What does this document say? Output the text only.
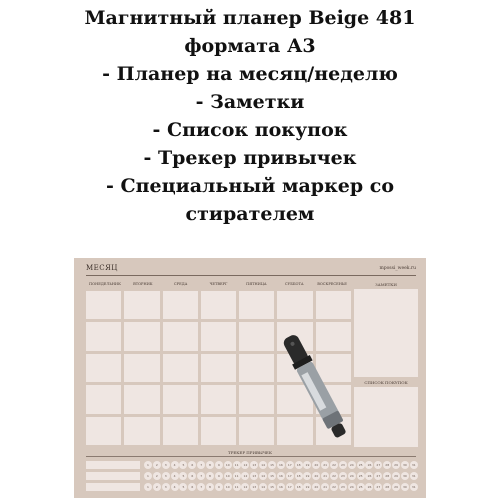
Магнитный планер Beige 481
формата А3
- Планер на месяц/неделю
- Заметки
- Список покупок
- Трекер привычек
- Специальный маркер со
стирателем
МЕСЯЦ	mpossi_week.ru
ПОНЕДЕЛЬНИК	ВТОРНИК	СРЕДА	ЧЕТВЕРГ	ПЯТНИЦА	СУББОТА	ВОСКРЕСЕНЬЕ	ЗАМЕТКИ
СПИСОК ПОКУПОК
ТРЕКЕР ПРИВЫЧЕК
1	2	3	4	5	6	7	8	9	10	11	12	13	14	15	16	17	18	19	20	21	22	23	24	25	26	27	28	29	30	31
1	2	3	4	5	6	7	8	9	10	11	12	13	14	15	16	17	18	19	20	21	22	23	24	25	26	27	28	29	30	31
1	2	3	4	5	6	7	8	9	10	11	12	13	14	15	16	17	18	19	20	21	22	23	24	25	26	27	28	29	30	31
